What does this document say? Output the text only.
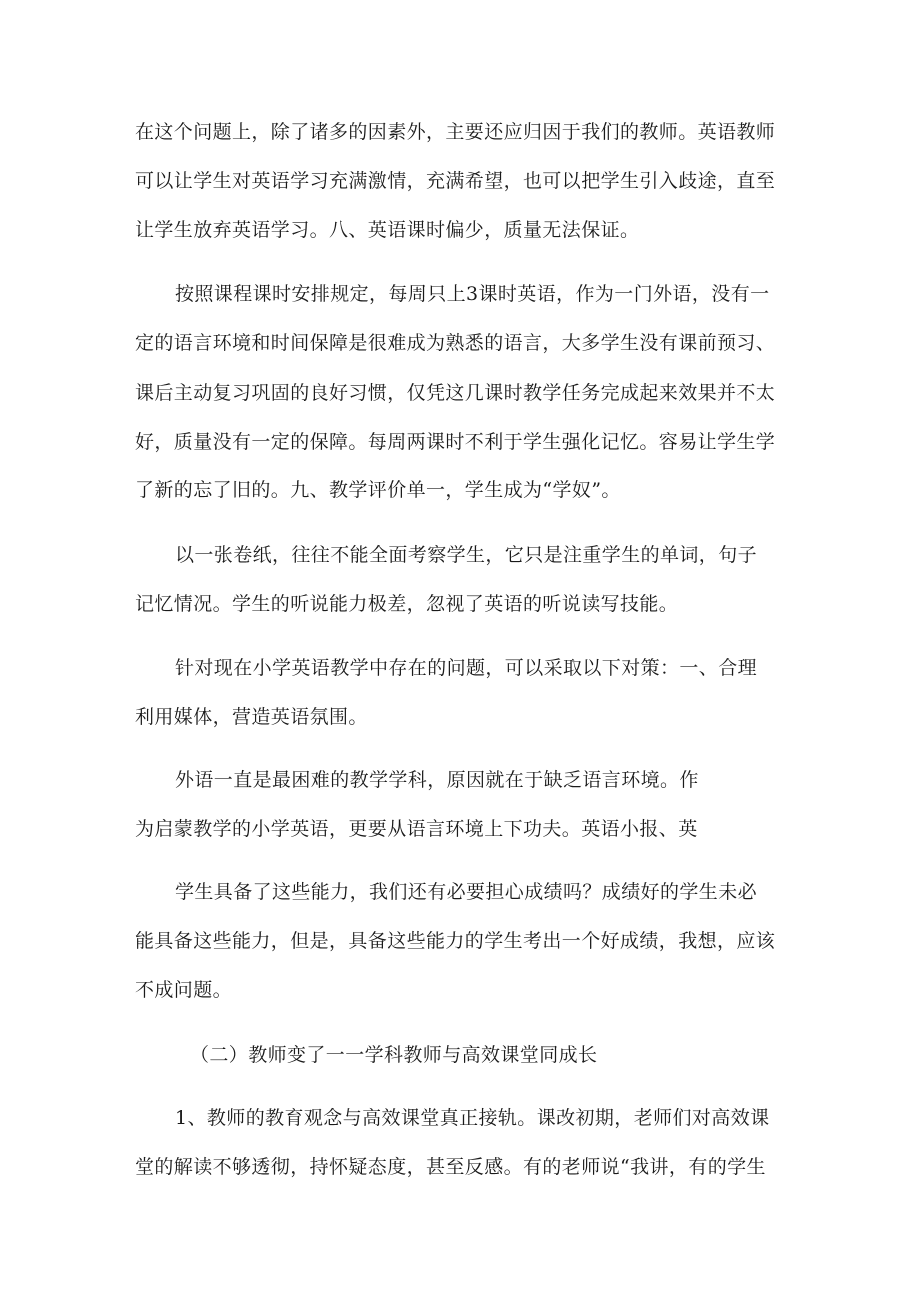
在这个问题上，除了诸多的因素外，主要还应归因于我们的教师。英语教师
可以让学生对英语学习充满激情，充满希望，也可以把学生引入歧途，直至
让学生放弃英语学习。八、英语课时偏少，质量无法保证。
按照课程课时安排规定，每周只上3课时英语，作为一门外语，没有一
定的语言环境和时间保障是很难成为熟悉的语言，大多学生没有课前预习、
课后主动复习巩固的良好习惯，仅凭这几课时教学任务完成起来效果并不太
好，质量没有一定的保障。每周两课时不利于学生强化记忆。容易让学生学
了新的忘了旧的。九、教学评价单一，学生成为“学奴”。
以一张卷纸，往往不能全面考察学生，它只是注重学生的单词，句子
记忆情况。学生的听说能力极差，忽视了英语的听说读写技能。
针对现在小学英语教学中存在的问题，可以采取以下对策：一、合理
利用媒体，营造英语氛围。
外语一直是最困难的教学学科，原因就在于缺乏语言环境。作
为启蒙教学的小学英语，更要从语言环境上下功夫。英语小报、英
学生具备了这些能力，我们还有必要担心成绩吗？成绩好的学生未必
能具备这些能力，但是，具备这些能力的学生考出一个好成绩，我想，应该
不成问题。
（二）教师变了一一学科教师与高效课堂同成长
1、教师的教育观念与高效课堂真正接轨。课改初期，老师们对高效课
堂的解读不够透彻，持怀疑态度，甚至反感。有的老师说“我讲，有的学生
